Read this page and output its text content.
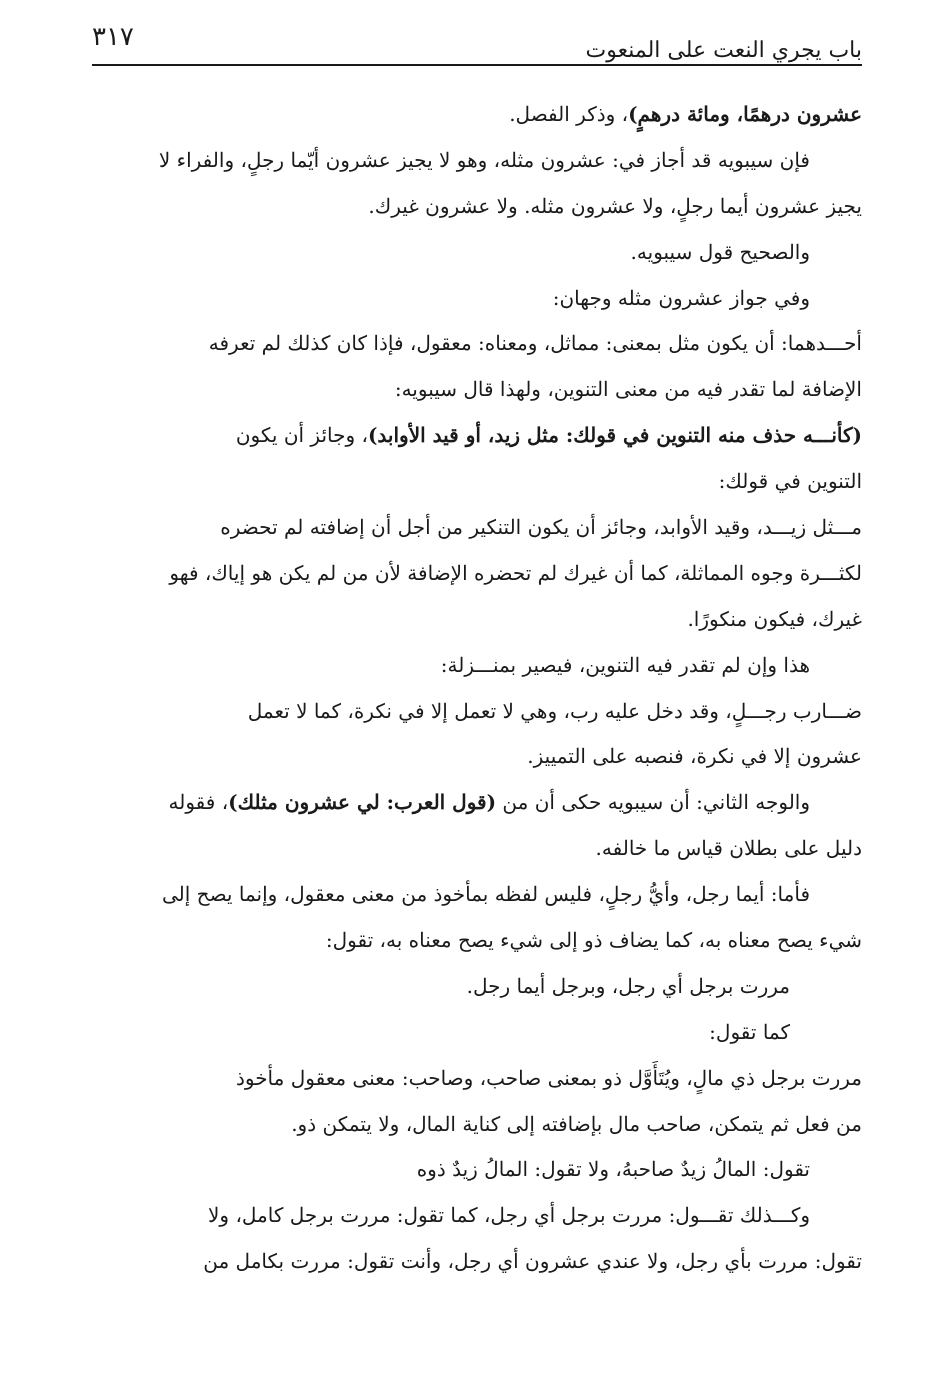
باب يجري النعت على المنعوت
٣١٧
عشرون درهمًا، ومائة درهمٍ)، وذكر الفصل.
فإن سيبويه قد أجاز في: عشرون مثله، وهو لا يجيز عشرون أيّما رجلٍ، والفراء لا
يجيز عشرون أيما رجلٍ، ولا عشرون مثله. ولا عشرون غيرك.
والصحيح قول سيبويه.
وفي جواز عشرون مثله وجهان:
أحـــدهما: أن يكون مثل بمعنى: مماثل، ومعناه: معقول، فإذا كان كذلك لم تعرفه
الإضافة لما تقدر فيه من معنى التنوين، ولهذا قال سيبويه:
(كأنـــه حذف منه التنوين في قولك: مثل زيد، أو قيد الأوابد)، وجائز أن يكون
التنوين في قولك:
مـــثل زيـــد، وقيد الأوابد، وجائز أن يكون التنكير من أجل أن إضافته لم تحضره
لكثـــرة وجوه المماثلة، كما أن غيرك لم تحضره الإضافة لأن من لم يكن هو إياك، فهو
غيرك، فيكون منكورًا.
هذا وإن لم تقدر فيه التنوين، فيصير بمنـــزلة:
ضـــارب رجـــلٍ، وقد دخل عليه رب، وهي لا تعمل إلا في نكرة، كما لا تعمل
عشرون إلا في نكرة، فنصبه على التمييز.
والوجه الثاني: أن سيبويه حكى أن من (قول العرب: لي عشرون مثلك)، فقوله
دليل على بطلان قياس ما خالفه.
فأما: أيما رجل، وأيُّ رجلٍ، فليس لفظه بمأخوذ من معنى معقول، وإنما يصح إلى
شيء يصح معناه به، كما يضاف ذو إلى شيء يصح معناه به، تقول:
مررت برجل أي رجل، وبرجل أيما رجل.
كما تقول:
مررت برجل ذي مالٍ، ويُتَأَوَّل ذو بمعنى صاحب، وصاحب: معنى معقول مأخوذ
من فعل ثم يتمكن، صاحب مال بإضافته إلى كناية المال، ولا يتمكن ذو.
تقول: المالُ زيدٌ صاحبهُ، ولا تقول: المالُ زيدٌ ذوه
وكـــذلك تقـــول: مررت برجل أي رجل، كما تقول: مررت برجل كامل، ولا
تقول: مررت بأي رجل، ولا عندي عشرون أي رجل، وأنت تقول: مررت بكامل من
